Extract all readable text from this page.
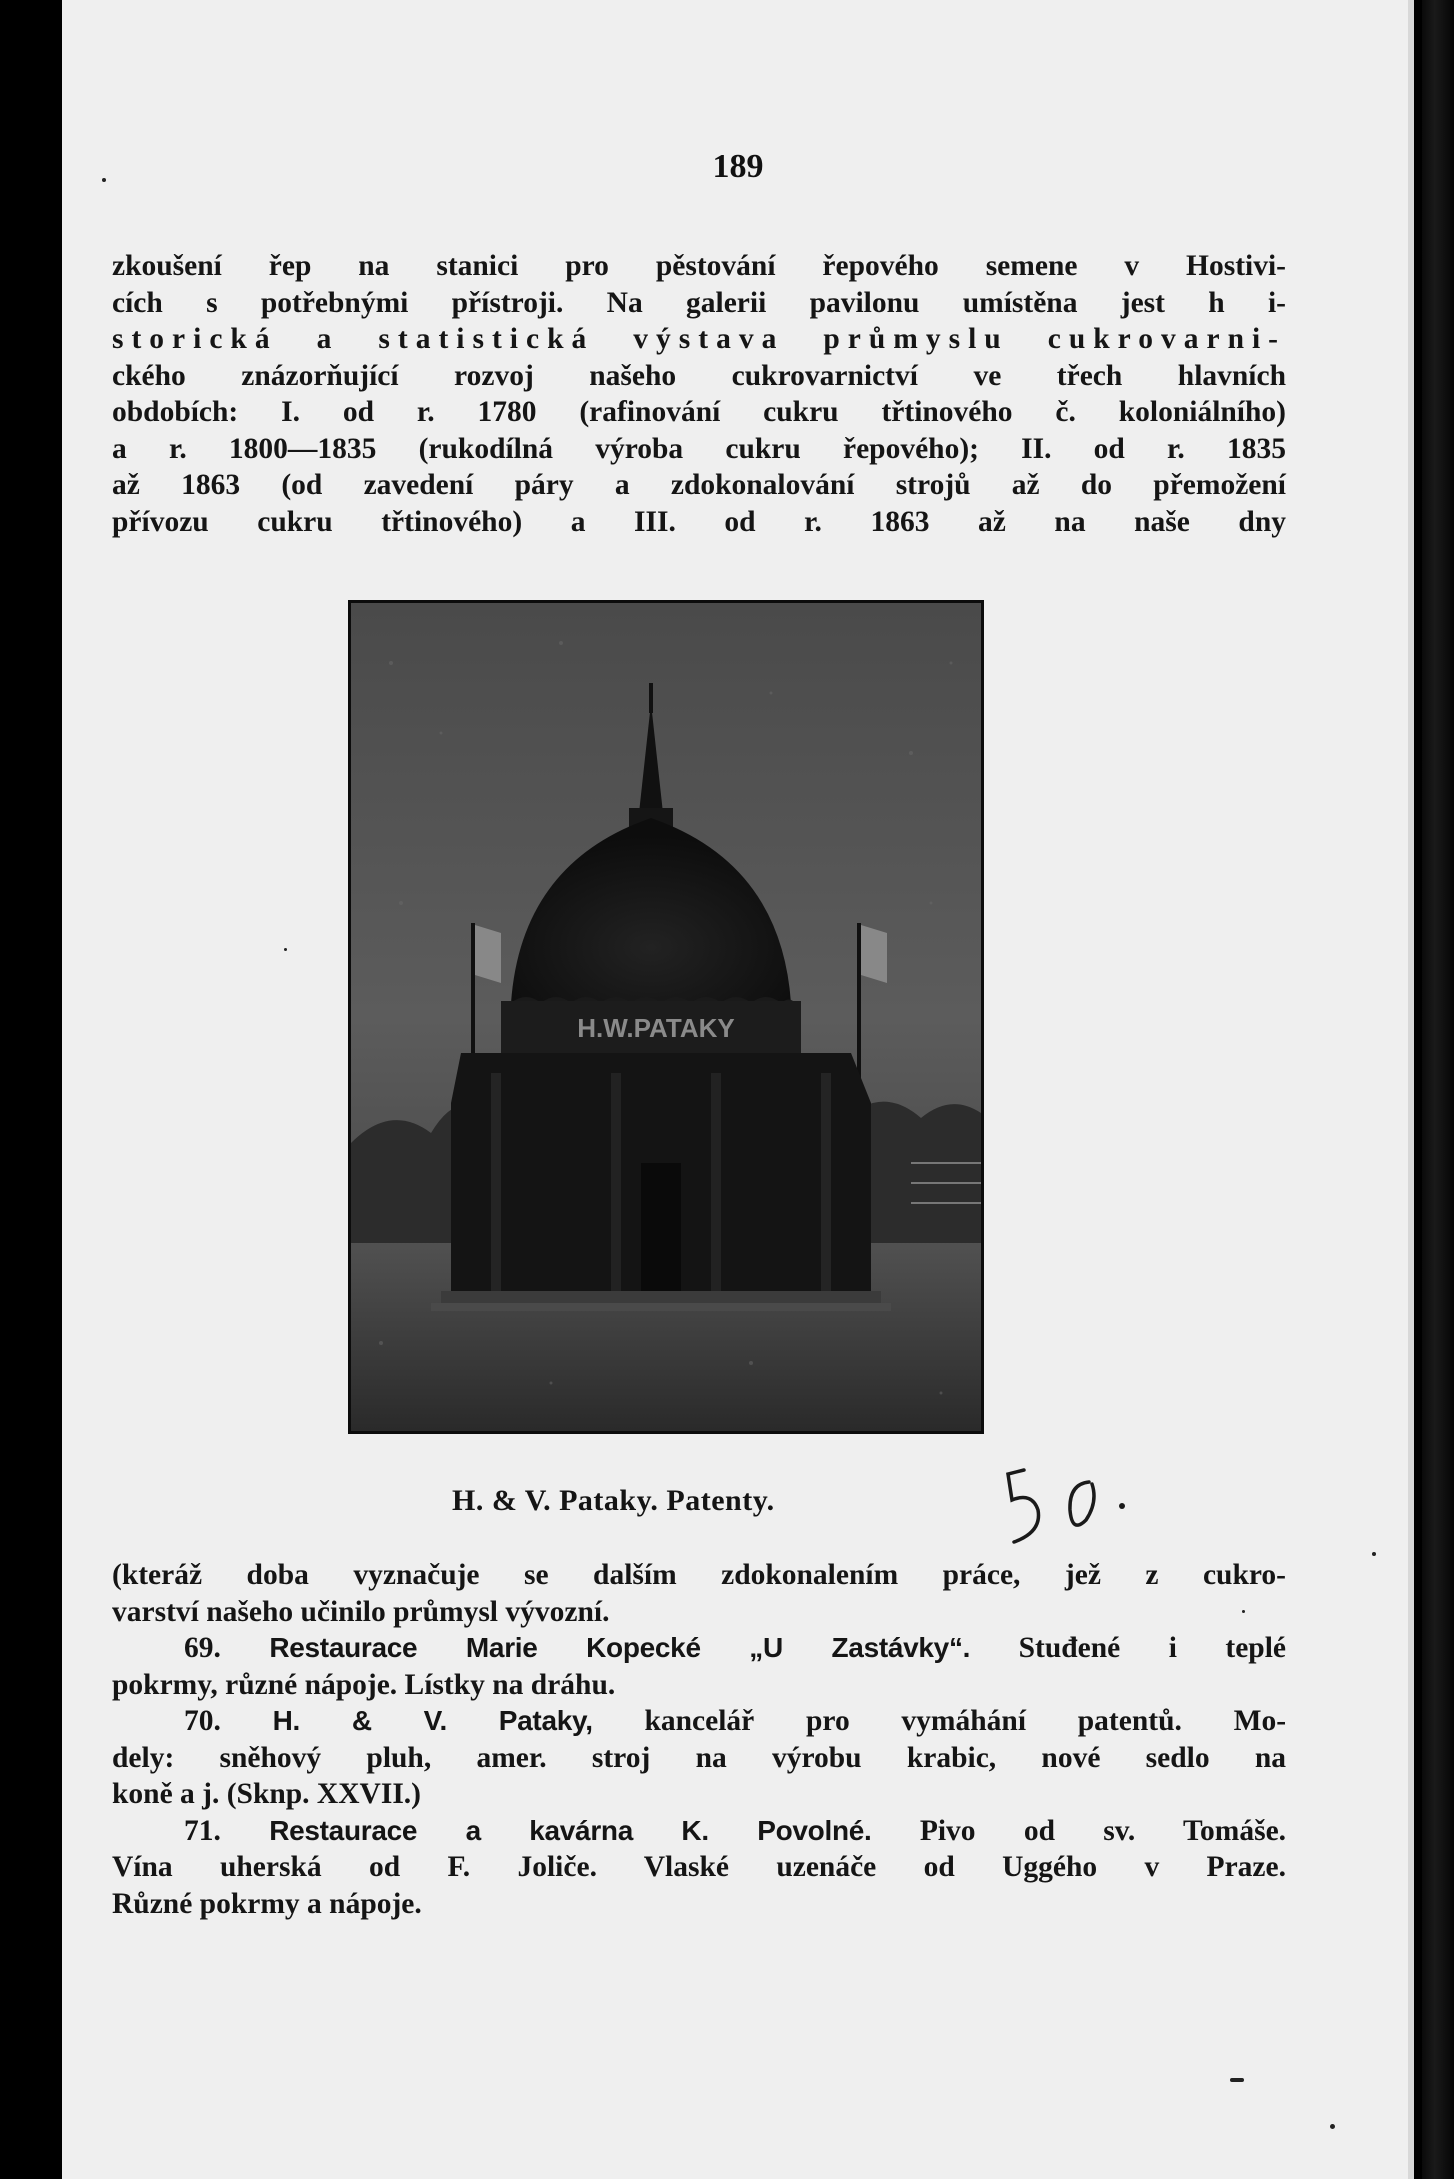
189
zkoušení řep na stanici pro pěstování řepového semene v Hostivi-
cích s potřebnými přístroji. Na galerii pavilonu umístěna jest h i-
storická a statistická výstava průmyslu cukrovarni-
ckého znázorňující rozvoj našeho cukrovarnictví ve třech hlavních
obdobích: I. od r. 1780 (rafinování cukru třtinového č. koloniálního)
a r. 1800—1835 (rukodílná výroba cukru řepového); II. od r. 1835
až 1863 (od zavedení páry a zdokonalování strojů až do přemožení
přívozu cukru třtinového) a III. od r. 1863 až na naše dny
H.W.PATAKY
H. & V. Pataky. Patenty.
50.
(kteráž doba vyznačuje se dalším zdokonalením práce, jež z cukro-
varství našeho učinilo průmysl vývozní.
69. Restaurace Marie Kopecké „U Zastávky“. Stuđené i teplé
pokrmy, různé nápoje. Lístky na dráhu.
70. H. & V. Pataky, kancelář pro vymáhání patentů. Mo-
dely: sněhový pluh, amer. stroj na výrobu krabic, nové sedlo na
koně a j. (Sknp. XXVII.)
71. Restaurace a kavárna K. Povolné. Pivo od sv. Tomáše.
Vína uherská od F. Joliče. Vlaské uzenáče od Uggého v Praze.
Různé pokrmy a nápoje.
